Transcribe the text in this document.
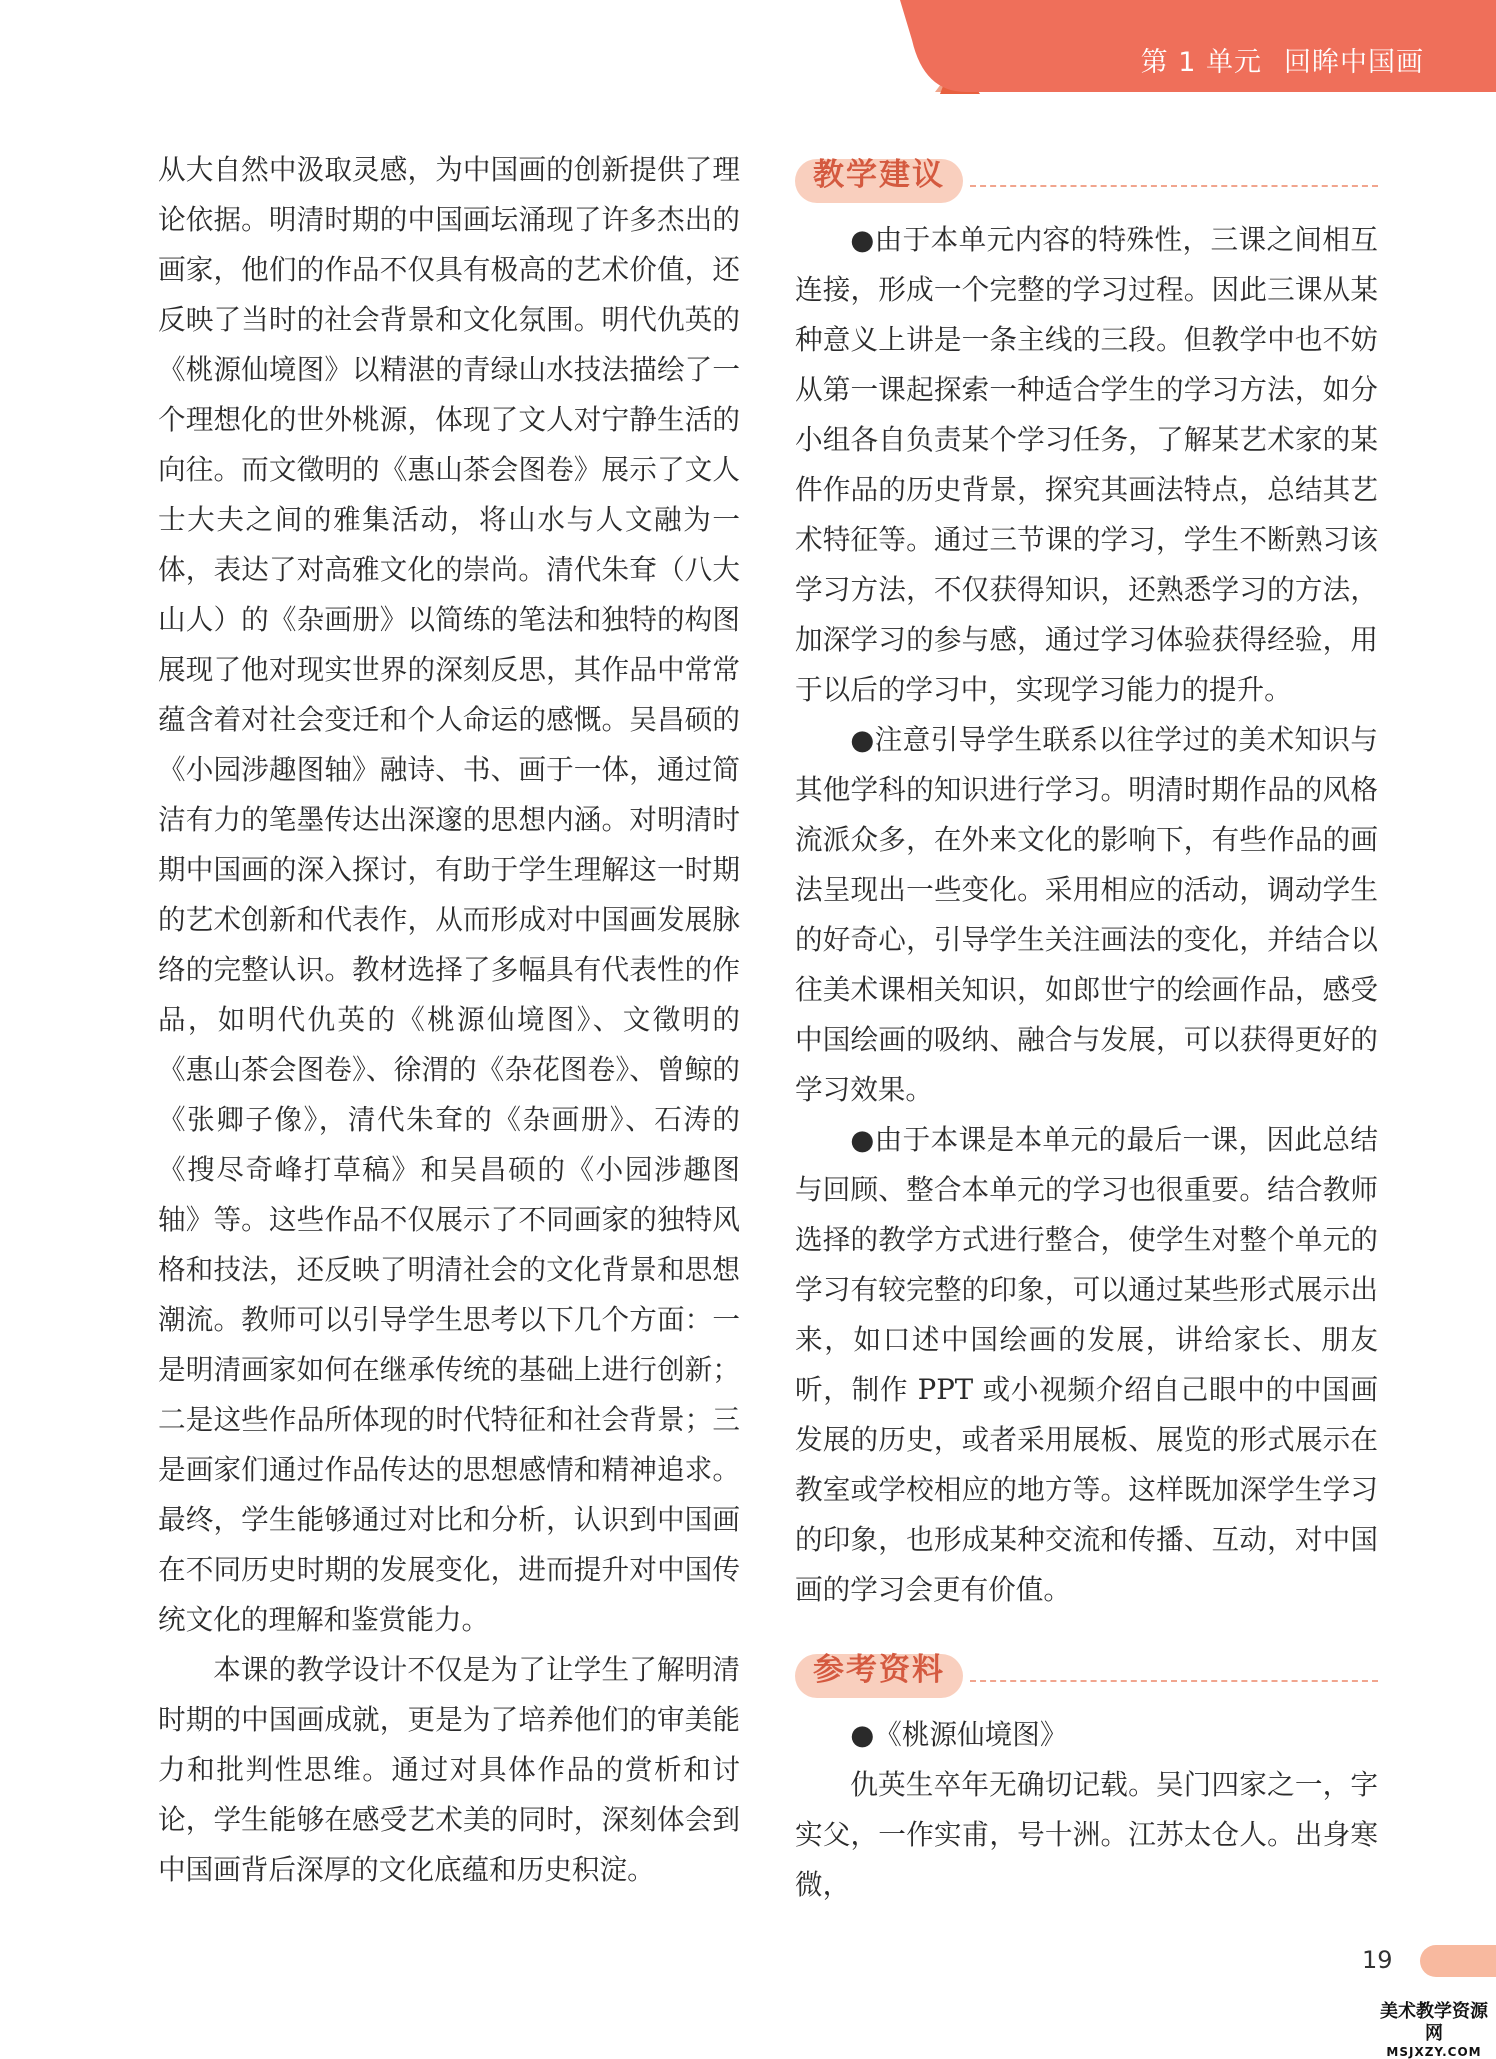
第 1 单元 回眸中国画

从大自然中汲取灵感，为中国画的创新提供了理论依据。明清时期的中国画坛涌现了许多杰出的画家，他们的作品不仅具有极高的艺术价值，还反映了当时的社会背景和文化氛围。明代仇英的《桃源仙境图》以精湛的青绿山水技法描绘了一个理想化的世外桃源，体现了文人对宁静生活的向往。而文徵明的《惠山茶会图卷》展示了文人士大夫之间的雅集活动，将山水与人文融为一体，表达了对高雅文化的崇尚。清代朱耷（八大山人）的《杂画册》以简练的笔法和独特的构图展现了他对现实世界的深刻反思，其作品中常常蕴含着对社会变迁和个人命运的感慨。吴昌硕的《小园涉趣图轴》融诗、书、画于一体，通过简洁有力的笔墨传达出深邃的思想内涵。对明清时期中国画的深入探讨，有助于学生理解这一时期的艺术创新和代表作，从而形成对中国画发展脉络的完整认识。教材选择了多幅具有代表性的作品，如明代仇英的《桃源仙境图》、文徵明的《惠山茶会图卷》、徐渭的《杂花图卷》、曾鲸的《张卿子像》，清代朱耷的《杂画册》、石涛的《搜尽奇峰打草稿》和吴昌硕的《小园涉趣图轴》等。这些作品不仅展示了不同画家的独特风格和技法，还反映了明清社会的文化背景和思想潮流。教师可以引导学生思考以下几个方面：一是明清画家如何在继承传统的基础上进行创新；二是这些作品所体现的时代特征和社会背景；三是画家们通过作品传达的思想感情和精神追求。最终，学生能够通过对比和分析，认识到中国画在不同历史时期的发展变化，进而提升对中国传统文化的理解和鉴赏能力。

本课的教学设计不仅是为了让学生了解明清时期的中国画成就，更是为了培养他们的审美能力和批判性思维。通过对具体作品的赏析和讨论，学生能够在感受艺术美的同时，深刻体会到中国画背后深厚的文化底蕴和历史积淀。

教学建议

●由于本单元内容的特殊性，三课之间相互连接，形成一个完整的学习过程。因此三课从某种意义上讲是一条主线的三段。但教学中也不妨从第一课起探索一种适合学生的学习方法，如分小组各自负责某个学习任务，了解某艺术家的某件作品的历史背景，探究其画法特点，总结其艺术特征等。通过三节课的学习，学生不断熟习该学习方法，不仅获得知识，还熟悉学习的方法，加深学习的参与感，通过学习体验获得经验，用于以后的学习中，实现学习能力的提升。

●注意引导学生联系以往学过的美术知识与其他学科的知识进行学习。明清时期作品的风格流派众多，在外来文化的影响下，有些作品的画法呈现出一些变化。采用相应的活动，调动学生的好奇心，引导学生关注画法的变化，并结合以往美术课相关知识，如郎世宁的绘画作品，感受中国绘画的吸纳、融合与发展，可以获得更好的学习效果。

●由于本课是本单元的最后一课，因此总结与回顾、整合本单元的学习也很重要。结合教师选择的教学方式进行整合，使学生对整个单元的学习有较完整的印象，可以通过某些形式展示出来，如口述中国绘画的发展，讲给家长、朋友听，制作 PPT 或小视频介绍自己眼中的中国画发展的历史，或者采用展板、展览的形式展示在教室或学校相应的地方等。这样既加深学生学习的印象，也形成某种交流和传播、互动，对中国画的学习会更有价值。

参考资料

●《桃源仙境图》

仇英生卒年无确切记载。吴门四家之一，字实父，一作实甫，号十洲。江苏太仓人。出身寒微，

19
美术教学资源网
MSJXZY.COM
